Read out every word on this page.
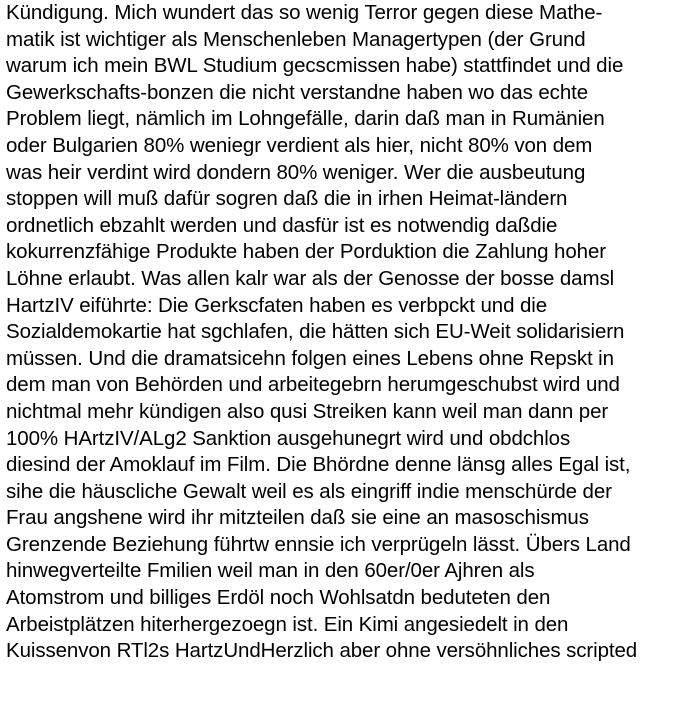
Kündigung. Mich wundert das so wenig Terror gegen diese Mathe-
matik ist wichtiger als Menschenleben Managertypen (der Grund
warum ich mein BWL Studium gecscmissen habe) stattfindet und die
Gewerkschafts-bonzen die nicht verstandne haben wo das echte
Problem liegt, nämlich im Lohngefälle, darin daß man in Rumänien
oder Bulgarien 80% weniegr verdient als hier, nicht 80% von dem
was heir verdint wird dondern 80% weniger. Wer die ausbeutung
stoppen will muß dafür sogren daß die in irhen Heimat-ländern
ordnetlich ebzahlt werden und dasfür ist es notwendig daßdie
kokurrenzfähige Produkte haben der Porduktion die Zahlung hoher
Löhne erlaubt. Was allen kalr war als der Genosse der bosse damsl
HartzIV eiführte: Die Gerkscfaten haben es verbpckt und die
Sozialdemokartie hat sgchlafen, die hätten sich EU-Weit solidarisiern
müssen. Und die dramatsicehn folgen eines Lebens ohne Repskt in
dem man von Behörden und arbeitegebrn herumgeschubst wird und
nichtmal mehr kündigen also qusi Streiken kann weil man dann per
100% HArtzIV/ALg2 Sanktion ausgehunegrt wird und obdchlos
diesind der Amoklauf im Film. Die Bhördne denne länsg alles Egal ist,
sihe die häuscliche Gewalt weil es als eingriff indie menschürde der
Frau angshene wird ihr mitzteilen daß sie eine an masoschismus
Grenzende Beziehung führtw ennsie ich verprügeln lässt. Übers Land
hinwegverteilte Fmilien weil man in den 60er/0er Ajhren als
Atomstrom und billiges Erdöl noch Wohlsatdn beduteten den
Arbeistplätzen hiterhergezoegn ist. Ein Kimi angesiedelt in den
Kuissenvon RTl2s HartzUndHerzlich aber ohne versöhnliches scripted
